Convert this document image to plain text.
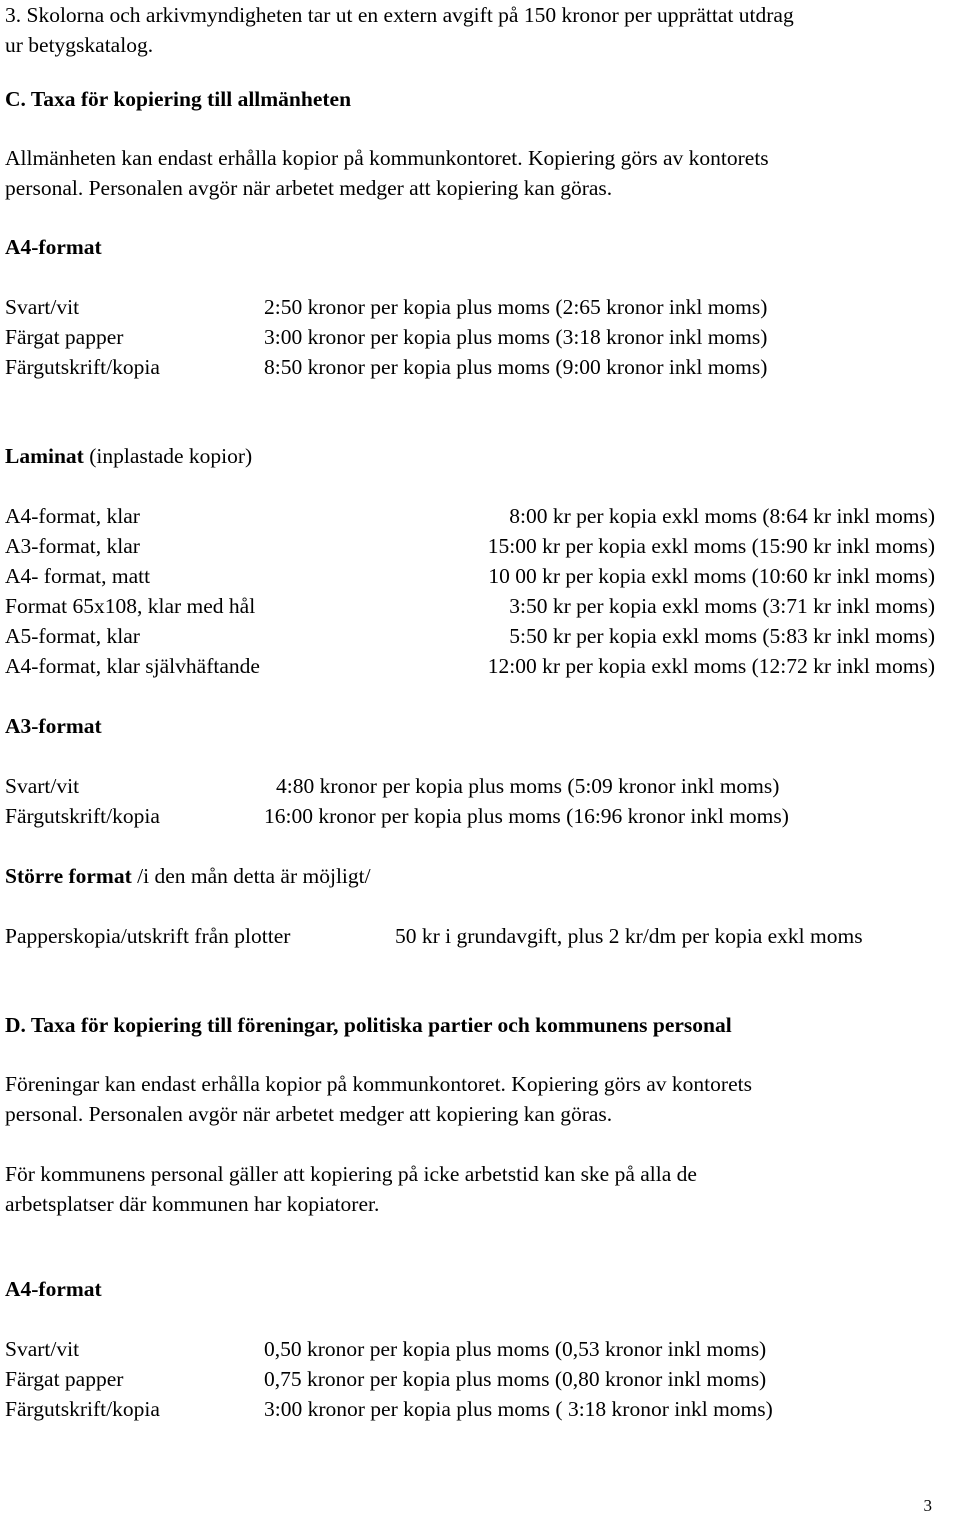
3. Skolorna och arkivmyndigheten tar ut en extern avgift på 150 kronor per upprättat utdrag
ur betygskatalog.
C. Taxa för kopiering till allmänheten
Allmänheten kan endast erhålla kopior på kommunkontoret. Kopiering görs av kontorets
personal. Personalen avgör när arbetet medger att kopiering kan göras.
A4-format
Svart/vit	2:50 kronor per kopia plus moms (2:65 kronor inkl moms)
Färgat papper	3:00 kronor per kopia plus moms (3:18 kronor inkl moms)
Färgutskrift/kopia	8:50 kronor per kopia plus moms (9:00 kronor inkl moms)
Laminat (inplastade kopior)
A4-format, klar	8:00 kr per kopia exkl moms (8:64 kr inkl moms)
A3-format, klar	15:00 kr per kopia exkl moms (15:90 kr inkl moms)
A4- format, matt	10 00 kr per kopia exkl moms (10:60 kr inkl moms)
Format 65x108, klar med hål	3:50 kr per kopia exkl moms (3:71 kr inkl moms)
A5-format, klar	5:50 kr per kopia exkl moms (5:83 kr inkl moms)
A4-format, klar självhäftande	12:00 kr per kopia exkl moms (12:72 kr inkl moms)
A3-format
Svart/vit	4:80 kronor per kopia plus moms (5:09 kronor inkl moms)
Färgutskrift/kopia	16:00 kronor per kopia plus moms (16:96 kronor inkl moms)
Större format /i den mån detta är möjligt/
Papperskopia/utskrift från plotter	50 kr i grundavgift, plus 2 kr/dm per kopia exkl moms
D. Taxa för kopiering till föreningar, politiska partier och kommunens personal
Föreningar kan endast erhålla kopior på kommunkontoret. Kopiering görs av kontorets
personal. Personalen avgör när arbetet medger att kopiering kan göras.
För kommunens personal gäller att kopiering på icke arbetstid kan ske på alla de
arbetsplatser där kommunen har kopiatorer.
A4-format
Svart/vit	0,50 kronor per kopia plus moms (0,53 kronor inkl moms)
Färgat papper	0,75 kronor per kopia plus moms (0,80 kronor inkl moms)
Färgutskrift/kopia	3:00 kronor per kopia plus moms ( 3:18 kronor inkl moms)
3
